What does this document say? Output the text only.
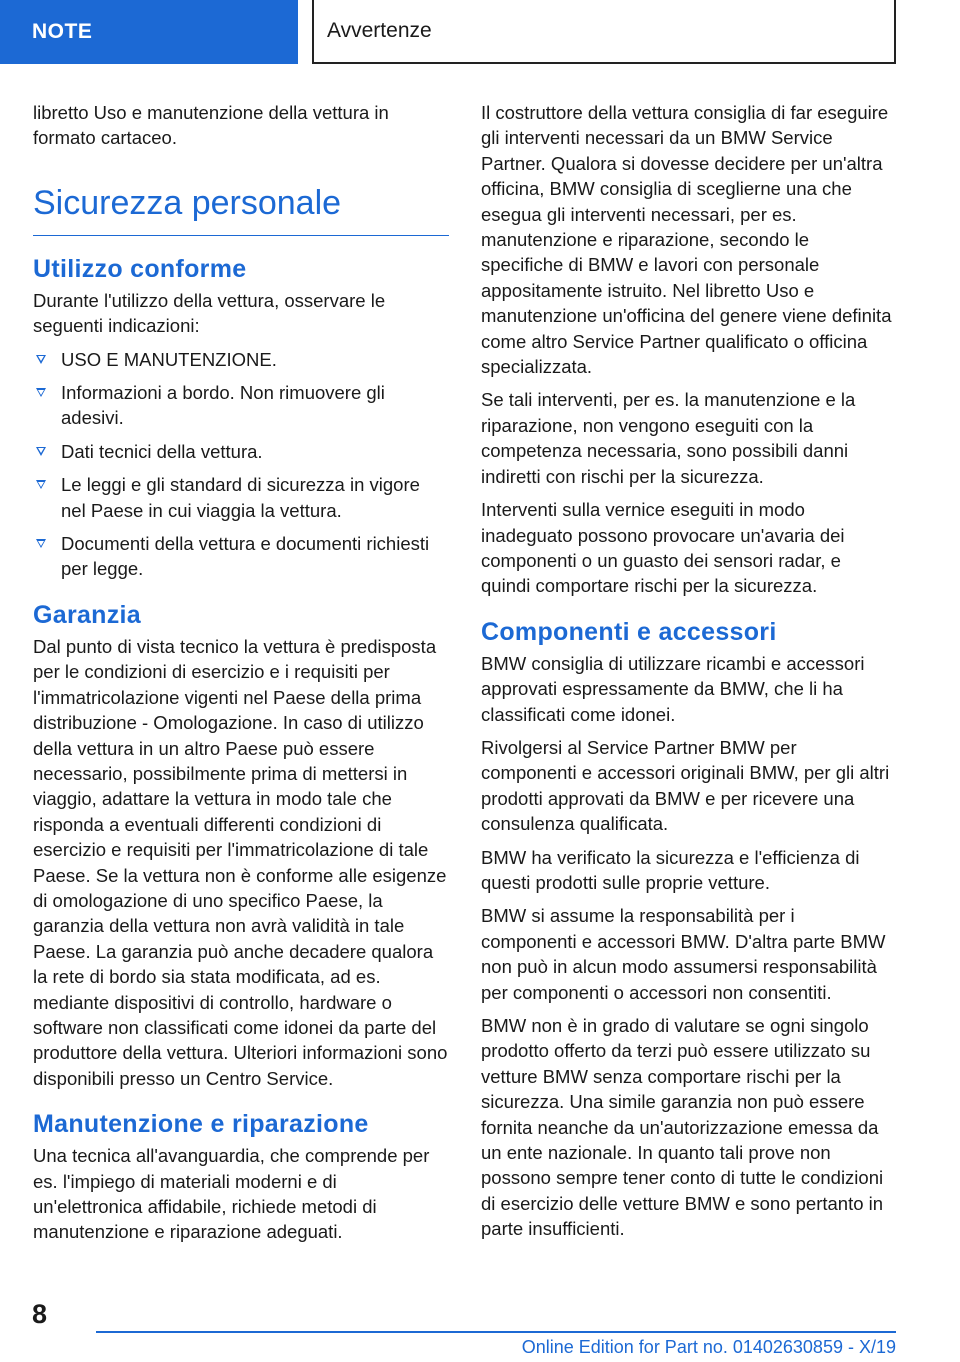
NOTE	Avvertenze

libretto Uso e manutenzione della vettura in formato cartaceo.

Sicurezza personale
Utilizzo conforme

Durante l'utilizzo della vettura, osservare le seguenti indicazioni:

USO E MANUTENZIONE.
Informazioni a bordo. Non rimuovere gli adesivi.
Dati tecnici della vettura.
Le leggi e gli standard di sicurezza in vigore nel Paese in cui viaggia la vettura.
Documenti della vettura e documenti richiesti per legge.
Garanzia

Dal punto di vista tecnico la vettura è predisposta per le condizioni di esercizio e i requisiti per l'immatricolazione vigenti nel Paese della prima distribuzione - Omologazione. In caso di utilizzo della vettura in un altro Paese può essere necessario, possibilmente prima di mettersi in viaggio, adattare la vettura in modo tale che risponda a eventuali differenti condizioni di esercizio e requisiti per l'immatricolazione di tale Paese. Se la vettura non è conforme alle esigenze di omologazione di uno specifico Paese, la garanzia della vettura non avrà validità in tale Paese. La garanzia può anche decadere qualora la rete di bordo sia stata modificata, ad es. mediante dispositivi di controllo, hardware o software non classificati come idonei da parte del produttore della vettura. Ulteriori informazioni sono disponibili presso un Centro Service.

Manutenzione e riparazione

Una tecnica all'avanguardia, che comprende per es. l'impiego di materiali moderni e di un'elettronica affidabile, richiede metodi di manutenzione e riparazione adeguati.

Il costruttore della vettura consiglia di far eseguire gli interventi necessari da un BMW Service Partner. Qualora si dovesse decidere per un'altra officina, BMW consiglia di sceglierne una che esegua gli interventi necessari, per es. manutenzione e riparazione, secondo le specifiche di BMW e lavori con personale appositamente istruito. Nel libretto Uso e manutenzione un'officina del genere viene definita come altro Service Partner qualificato o officina specializzata.

Se tali interventi, per es. la manutenzione e la riparazione, non vengono eseguiti con la competenza necessaria, sono possibili danni indiretti con rischi per la sicurezza.

Interventi sulla vernice eseguiti in modo inadeguato possono provocare un'avaria dei componenti o un guasto dei sensori radar, e quindi comportare rischi per la sicurezza.

Componenti e accessori

BMW consiglia di utilizzare ricambi e accessori approvati espressamente da BMW, che li ha classificati come idonei.

Rivolgersi al Service Partner BMW per componenti e accessori originali BMW, per gli altri prodotti approvati da BMW e per ricevere una consulenza qualificata.

BMW ha verificato la sicurezza e l'efficienza di questi prodotti sulle proprie vetture.

BMW si assume la responsabilità per i componenti e accessori BMW. D'altra parte BMW non può in alcun modo assumersi responsabilità per componenti o accessori non consentiti.

BMW non è in grado di valutare se ogni singolo prodotto offerto da terzi può essere utilizzato su vetture BMW senza comportare rischi per la sicurezza. Una simile garanzia non può essere fornita neanche da un'autorizzazione emessa da un ente nazionale. In quanto tali prove non possono sempre tener conto di tutte le condizioni di esercizio delle vetture BMW e sono pertanto in parte insufficienti.

8
Online Edition for Part no. 01402630859 - X/19
